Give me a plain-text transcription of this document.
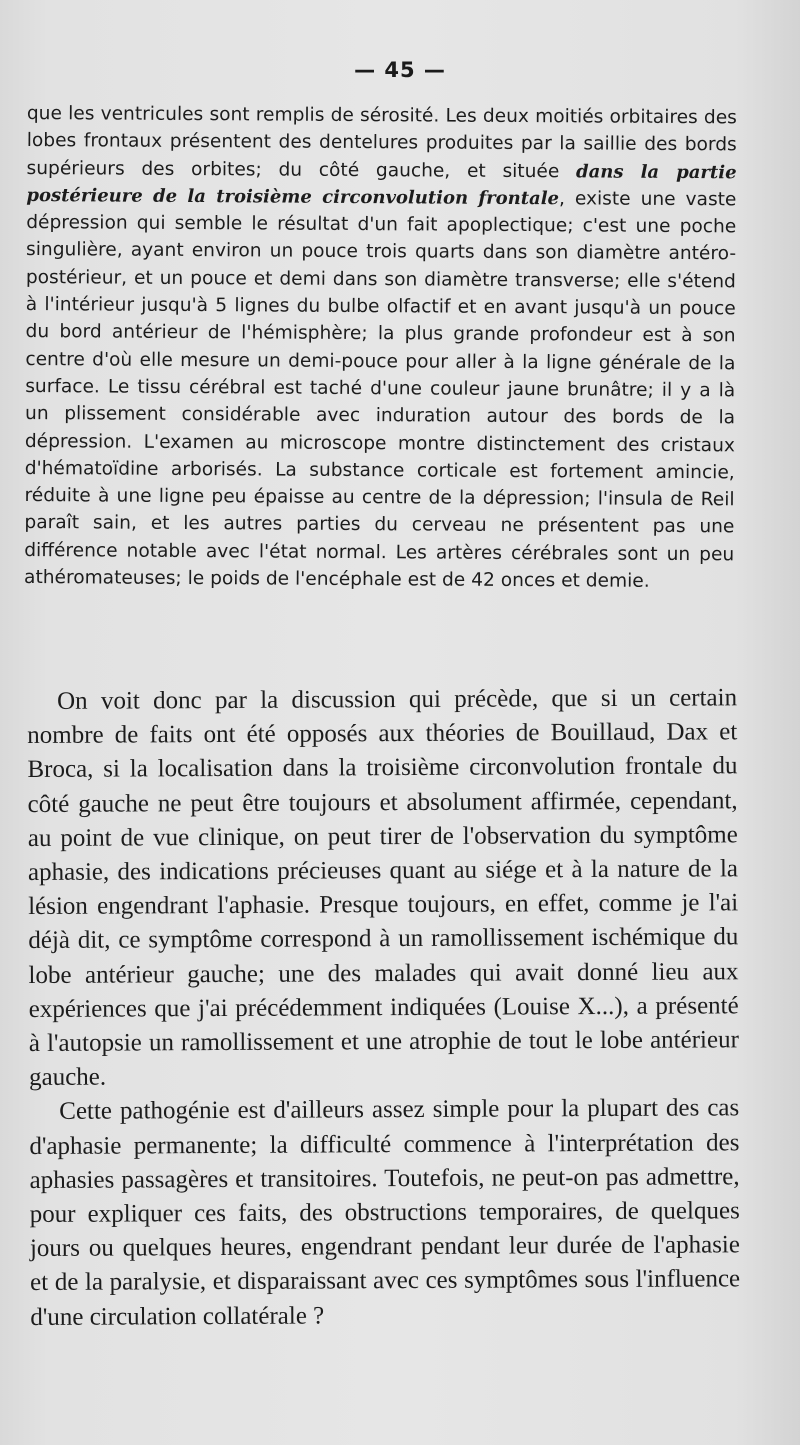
— 45 —

que les ventricules sont remplis de sérosité. Les deux moitiés orbitaires des lobes frontaux présentent des dentelures produites par la saillie des bords supérieurs des orbites; du côté gauche, et située dans la partie postérieure de la troisième circonvolution frontale, existe une vaste dépression qui semble le résultat d'un fait apoplectique; c'est une poche singulière, ayant environ un pouce trois quarts dans son diamètre antéro-postérieur, et un pouce et demi dans son diamètre transverse; elle s'étend à l'intérieur jusqu'à 5 lignes du bulbe olfactif et en avant jusqu'à un pouce du bord antérieur de l'hémisphère; la plus grande profondeur est à son centre d'où elle mesure un demi-pouce pour aller à la ligne générale de la surface. Le tissu cérébral est taché d'une couleur jaune brunâtre; il y a là un plissement considérable avec induration autour des bords de la dépression. L'examen au microscope montre distinctement des cristaux d'hématoïdine arborisés. La substance corticale est fortement amincie, réduite à une ligne peu épaisse au centre de la dépression; l'insula de Reil paraît sain, et les autres parties du cerveau ne présentent pas une différence notable avec l'état normal. Les artères cérébrales sont un peu athéromateuses; le poids de l'encéphale est de 42 onces et demie.

On voit donc par la discussion qui précède, que si un certain nombre de faits ont été opposés aux théories de Bouillaud, Dax et Broca, si la localisation dans la troisième circonvolution frontale du côté gauche ne peut être toujours et absolument affirmée, cependant, au point de vue clinique, on peut tirer de l'observation du symptôme aphasie, des indications précieuses quant au siége et à la nature de la lésion engendrant l'aphasie. Presque toujours, en effet, comme je l'ai déjà dit, ce symptôme correspond à un ramollissement ischémique du lobe antérieur gauche; une des malades qui avait donné lieu aux expériences que j'ai précédemment indiquées (Louise X...), a présenté à l'autopsie un ramollissement et une atrophie de tout le lobe antérieur gauche.

Cette pathogénie est d'ailleurs assez simple pour la plupart des cas d'aphasie permanente; la difficulté commence à l'interprétation des aphasies passagères et transitoires. Toutefois, ne peut-on pas admettre, pour expliquer ces faits, des obstructions temporaires, de quelques jours ou quelques heures, engendrant pendant leur durée de l'aphasie et de la paralysie, et disparaissant avec ces symptômes sous l'influence d'une circulation collatérale ?
